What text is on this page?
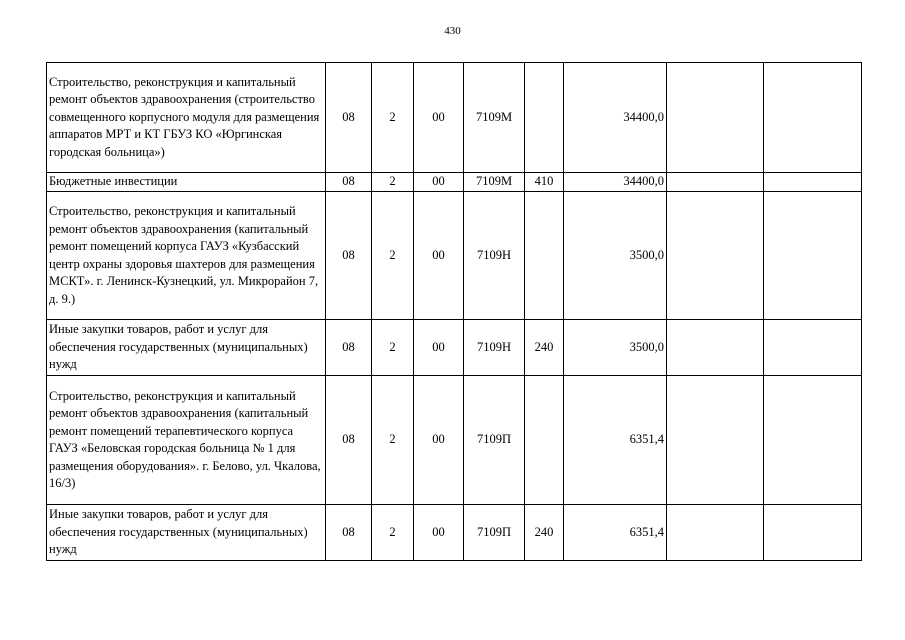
430
Строительство, реконструкция и капитальный ремонт объектов здравоохранения (строительство совмещенного корпусного модуля для размещения аппаратов МРТ и КТ ГБУЗ КО «Юргинская городская больница»)	08	2	00	7109М		34400,0		
Бюджетные инвестиции	08	2	00	7109М	410	34400,0		
Строительство, реконструкция и капитальный ремонт объектов здравоохранения (капитальный ремонт помещений корпуса ГАУЗ «Кузбасский центр охраны здоровья шахтеров для размещения МСКТ». г. Ленинск-Кузнецкий, ул. Микрорайон 7, д. 9.)	08	2	00	7109Н		3500,0		
Иные закупки товаров, работ и услуг для обеспечения государственных (муниципальных) нужд	08	2	00	7109Н	240	3500,0		
Строительство, реконструкция и капитальный ремонт объектов здравоохранения (капитальный ремонт помещений терапевтического корпуса ГАУЗ «Беловская городская больница № 1 для размещения оборудования». г. Белово, ул. Чкалова, 16/3)	08	2	00	7109П		6351,4		
Иные закупки товаров, работ и услуг для обеспечения государственных (муниципальных) нужд	08	2	00	7109П	240	6351,4		
